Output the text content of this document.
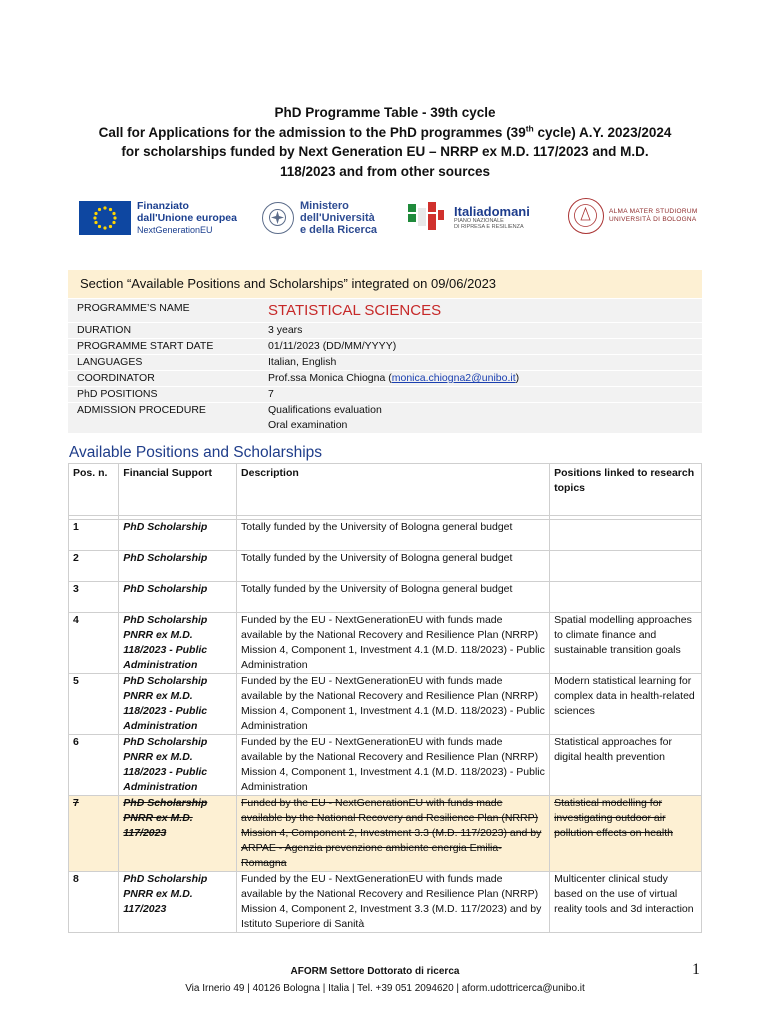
PhD Programme Table - 39th cycle
Call for Applications for the admission to the PhD programmes (39th cycle) A.Y. 2023/2024
for scholarships funded by Next Generation EU – NRRP ex M.D. 117/2023 and M.D.
118/2023 and from other sources
Finanziato
dall'Unione europea
NextGenerationEU
Ministero
dell'Università
e della Ricerca
Italiadomani
PIANO NAZIONALE
DI RIPRESA E RESILIENZA
ALMA MATER STUDIORUM
UNIVERSITÀ DI BOLOGNA
Section “Available Positions and Scholarships” integrated on 09/06/2023
PROGRAMME’S NAME	STATISTICAL SCIENCES
DURATION	3 years
PROGRAMME START DATE	01/11/2023 (DD/MM/YYYY)
LANGUAGES	Italian, English
COORDINATOR	Prof.ssa Monica Chiogna (monica.chiogna2@unibo.it)
PhD POSITIONS	7
ADMISSION PROCEDURE	Qualifications evaluation
Oral examination
Available Positions and Scholarships
Pos. n.	Financial Support	Description	Positions linked to research topics

1	PhD Scholarship	Totally funded by the University of Bologna general budget	
2	PhD Scholarship	Totally funded by the University of Bologna general budget	
3	PhD Scholarship	Totally funded by the University of Bologna general budget	
4	PhD Scholarship PNRR ex M.D. 118/2023 - Public Administration	Funded by the EU - NextGenerationEU with funds made available by the National Recovery and Resilience Plan (NRRP) Mission 4, Component 1, Investment 4.1 (M.D. 118/2023) - Public Administration	Spatial modelling approaches to climate finance and sustainable transition goals
5	PhD Scholarship PNRR ex M.D. 118/2023 - Public Administration	Funded by the EU - NextGenerationEU with funds made available by the National Recovery and Resilience Plan (NRRP) Mission 4, Component 1, Investment 4.1 (M.D. 118/2023) - Public Administration	Modern statistical learning for complex data in health-related sciences
6	PhD Scholarship PNRR ex M.D. 118/2023 - Public Administration	Funded by the EU - NextGenerationEU with funds made available by the National Recovery and Resilience Plan (NRRP) Mission 4, Component 1, Investment 4.1 (M.D. 118/2023) - Public Administration	Statistical approaches for digital health prevention
7	PhD Scholarship PNRR ex M.D. 117/2023	Funded by the EU - NextGenerationEU with funds made available by the National Recovery and Resilience Plan (NRRP) Mission 4, Component 2, Investment 3.3 (M.D. 117/2023) and by ARPAE - Agenzia prevenzione ambiente energia Emilia-Romagna	Statistical modelling for investigating outdoor air pollution effects on health
8	PhD Scholarship PNRR ex M.D. 117/2023	Funded by the EU - NextGenerationEU with funds made available by the National Recovery and Resilience Plan (NRRP) Mission 4, Component 2, Investment 3.3 (M.D. 117/2023) and by Istituto Superiore di Sanità	Multicenter clinical study based on the use of virtual reality tools and 3d interaction
AFORM Settore Dottorato di ricerca
Via Irnerio 49 | 40126 Bologna | Italia | Tel. +39 051 2094620 | aform.udottricerca@unibo.it
1
